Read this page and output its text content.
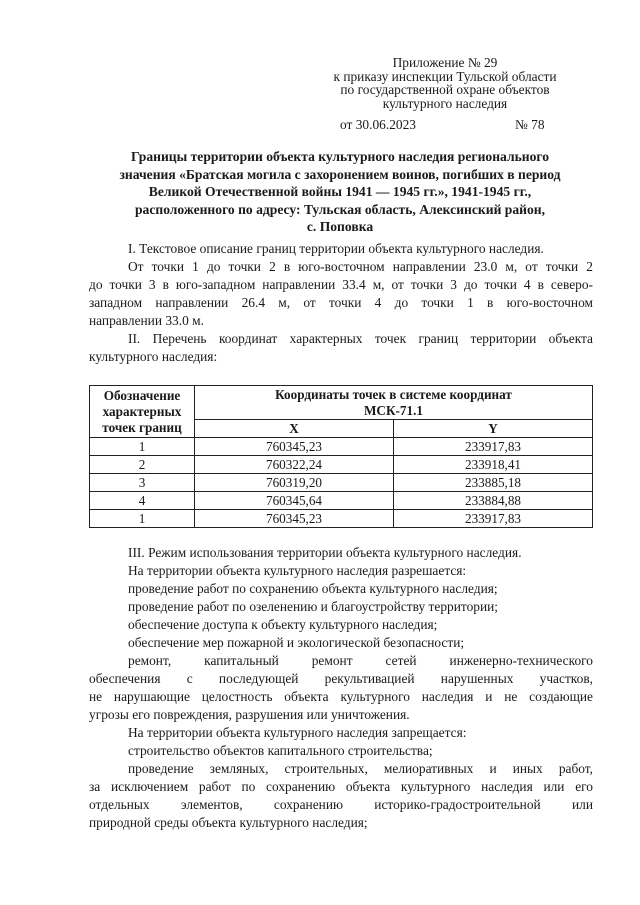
Приложение № 29
к приказу инспекции Тульской области
по государственной охране объектов
культурного наследия
от 30.06.2023	№ 78
Границы территории объекта культурного наследия регионального
значения «Братская могила с захоронением воинов, погибших в период
Великой Отечественной войны 1941 — 1945 гг.», 1941-1945 гг.,
расположенного по адресу: Тульская область, Алексинский район,
с. Поповка
I. Текстовое описание границ территории объекта культурного наследия.
От точки 1 до точки 2 в юго-восточном направлении 23.0 м, от точки 2
до точки 3 в юго-западном направлении 33.4 м, от точки 3 до точки 4 в северо-
западном направлении 26.4 м, от точки 4 до точки 1 в юго-восточном
направлении 33.0 м.
II. Перечень координат характерных точек границ территории объекта
культурного наследия:
Обозначение характерных точек границ	Координаты точек в системе координат МСК-71.1	
	X	Y
1	760345,23	233917,83
2	760322,24	233918,41
3	760319,20	233885,18
4	760345,64	233884,88
1	760345,23	233917,83
III. Режим использования территории объекта культурного наследия.
На территории объекта культурного наследия разрешается:
проведение работ по сохранению объекта культурного наследия;
проведение работ по озеленению и благоустройству территории;
обеспечение доступа к объекту культурного наследия;
обеспечение мер пожарной и экологической безопасности;
ремонт, капитальный ремонт сетей инженерно-технического
обеспечения с последующей рекультивацией нарушенных участков,
не нарушающие целостность объекта культурного наследия и не создающие
угрозы его повреждения, разрушения или уничтожения.
На территории объекта культурного наследия запрещается:
строительство объектов капитального строительства;
проведение земляных, строительных, мелиоративных и иных работ,
за исключением работ по сохранению объекта культурного наследия или его
отдельных элементов, сохранению историко-градостроительной или
природной среды объекта культурного наследия;
